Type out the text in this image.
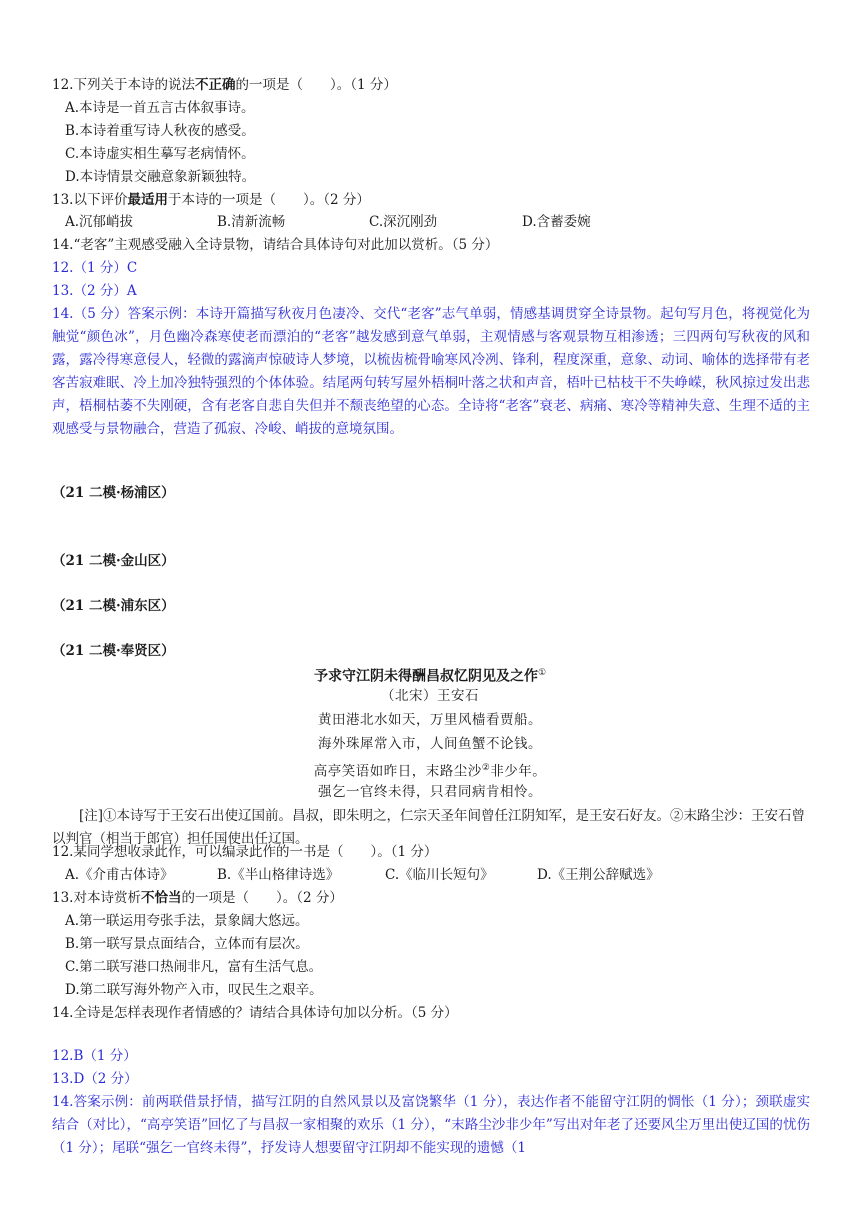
12.下列关于本诗的说法不正确的一项是（　　）。（1 分）
A.本诗是一首五言古体叙事诗。
B.本诗着重写诗人秋夜的感受。
C.本诗虚实相生摹写老病情怀。
D.本诗情景交融意象新颖独特。
13.以下评价最适用于本诗的一项是（　　）。（2 分）
A.沉郁峭拔	B.清新流畅	C.深沉刚劲	D.含蓄委婉
14.“老客”主观感受融入全诗景物，请结合具体诗句对此加以赏析。（5 分）
12.（1 分）C
13.（2 分）A
14.（5 分）答案示例：本诗开篇描写秋夜月色凄冷、交代“老客”志气单弱，情感基调贯穿全诗景物。起句写月色，将视觉化为触觉“颜色冰”，月色幽冷森寒使老而漂泊的“老客”越发感到意气单弱，主观情感与客观景物互相渗透；三四两句写秋夜的风和露，露冷得寒意侵人，轻微的露滴声惊破诗人梦境，以梳齿梳骨喻寒风冷冽、锋利，程度深重，意象、动词、喻体的选择带有老客苦寂难眠、冷上加冷独特强烈的个体体验。结尾两句转写屋外梧桐叶落之状和声音，梧叶已枯枝干不失峥嵘，秋风掠过发出悲声，梧桐枯萎不失刚硬，含有老客自悲自失但并不颓丧绝望的心态。全诗将“老客”衰老、病痛、寒冷等精神失意、生理不适的主观感受与景物融合，营造了孤寂、冷峻、峭拔的意境氛围。
（21 二模·杨浦区）
（21 二模·金山区）
（21 二模·浦东区）
（21 二模·奉贤区）
予求守江阴未得酬昌叔忆阴见及之作①
（北宋）王安石
黄田港北水如天，万里风樯看贾船。
海外珠犀常入市，人间鱼蟹不论钱。
高亭笑语如昨日，末路尘沙②非少年。
强乞一官终未得，只君同病肯相怜。
[注]①本诗写于王安石出使辽国前。昌叔，即朱明之，仁宗天圣年间曾任江阴知军，是王安石好友。②末路尘沙：王安石曾以判官（相当于郎官）担任国使出任辽国。
12.某同学想收录此作，可以编录此作的一书是（　　）。（1 分）
A.《介甫古体诗》	B.《半山格律诗选》	C.《临川长短句》	D.《王荆公辞赋选》
13.对本诗赏析不恰当的一项是（　　）。（2 分）
A.第一联运用夸张手法，景象阔大悠远。
B.第一联写景点面结合，立体而有层次。
C.第二联写港口热闹非凡，富有生活气息。
D.第二联写海外物产入市，叹民生之艰辛。
14.全诗是怎样表现作者情感的？请结合具体诗句加以分析。（5 分）
12.B（1 分）
13.D（2 分）
14.答案示例：前两联借景抒情，描写江阴的自然风景以及富饶繁华（1 分），表达作者不能留守江阴的惆怅（1 分）；颈联虚实结合（对比），“高亭笑语”回忆了与昌叔一家相聚的欢乐（1 分），“末路尘沙非少年”写出对年老了还要风尘万里出使辽国的忧伤（1 分）；尾联“强乞一官终未得”，抒发诗人想要留守江阴却不能实现的遗憾（1
